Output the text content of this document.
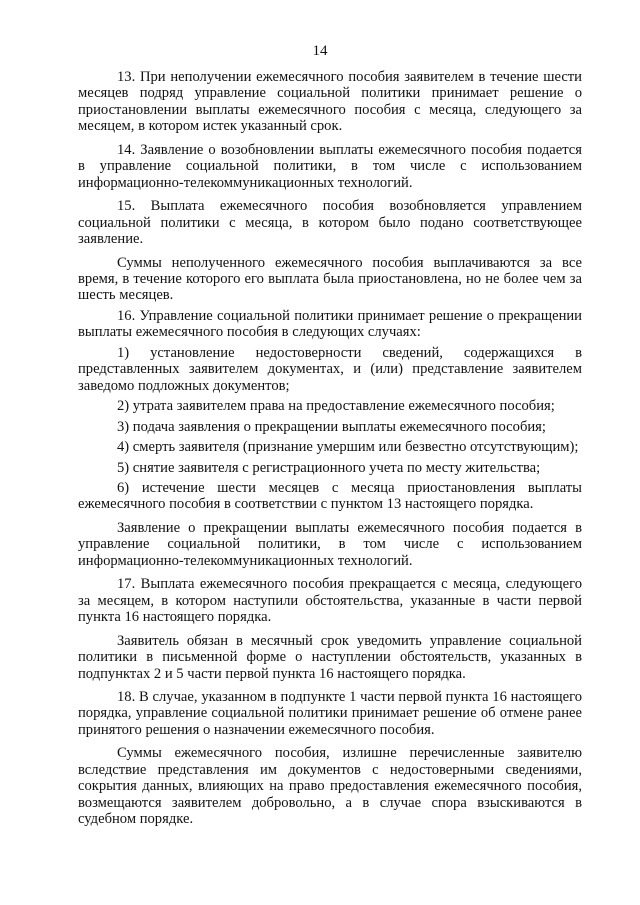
14

13. При неполучении ежемесячного пособия заявителем в течение шести месяцев подряд управление социальной политики принимает решение о приостановлении выплаты ежемесячного пособия с месяца, следующего за месяцем, в котором истек указанный срок.

14. Заявление о возобновлении выплаты ежемесячного пособия подается в управление социальной политики, в том числе с использованием информационно-телекоммуникационных технологий.

15. Выплата ежемесячного пособия возобновляется управлением социальной политики с месяца, в котором было подано соответствующее заявление.

Суммы неполученного ежемесячного пособия выплачиваются за все время, в течение которого его выплата была приостановлена, но не более чем за шесть месяцев.

16. Управление социальной политики принимает решение о прекращении выплаты ежемесячного пособия в следующих случаях:

1) установление недостоверности сведений, содержащихся в представленных заявителем документах, и (или) представление заявителем заведомо подложных документов;

2) утрата заявителем права на предоставление ежемесячного пособия;

3) подача заявления о прекращении выплаты ежемесячного пособия;

4) смерть заявителя (признание умершим или безвестно отсутствующим);

5) снятие заявителя с регистрационного учета по месту жительства;

6) истечение шести месяцев с месяца приостановления выплаты ежемесячного пособия в соответствии с пунктом 13 настоящего порядка.

Заявление о прекращении выплаты ежемесячного пособия подается в управление социальной политики, в том числе с использованием информационно-телекоммуникационных технологий.

17. Выплата ежемесячного пособия прекращается с месяца, следующего за месяцем, в котором наступили обстоятельства, указанные в части первой пункта 16 настоящего порядка.

Заявитель обязан в месячный срок уведомить управление социальной политики в письменной форме о наступлении обстоятельств, указанных в подпунктах 2 и 5 части первой пункта 16 настоящего порядка.

18. В случае, указанном в подпункте 1 части первой пункта 16 настоящего порядка, управление социальной политики принимает решение об отмене ранее принятого решения о назначении ежемесячного пособия.

Суммы ежемесячного пособия, излишне перечисленные заявителю вследствие представления им документов с недостоверными сведениями, сокрытия данных, влияющих на право предоставления ежемесячного пособия, возмещаются заявителем добровольно, а в случае спора взыскиваются в судебном порядке.
